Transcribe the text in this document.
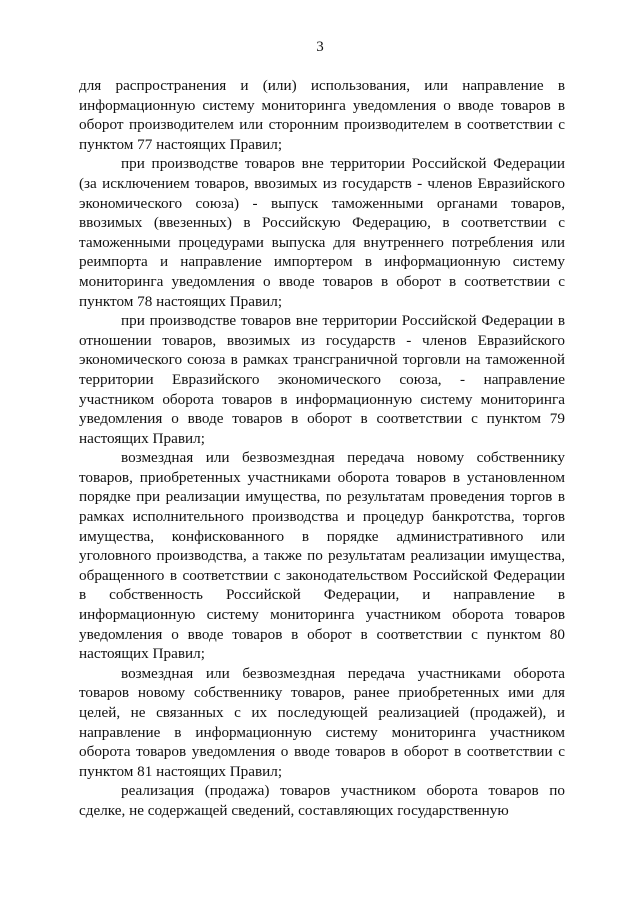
3

для распространения и (или) использования, или направление в информационную систему мониторинга уведомления о вводе товаров в оборот производителем или сторонним производителем в соответствии с пунктом 77 настоящих Правил;

при производстве товаров вне территории Российской Федерации (за исключением товаров, ввозимых из государств - членов Евразийского экономического союза) - выпуск таможенными органами товаров, ввозимых (ввезенных) в Российскую Федерацию, в соответствии с таможенными процедурами выпуска для внутреннего потребления или реимпорта и направление импортером в информационную систему мониторинга уведомления о вводе товаров в оборот в соответствии с пунктом 78 настоящих Правил;

при производстве товаров вне территории Российской Федерации в отношении товаров, ввозимых из государств - членов Евразийского экономического союза в рамках трансграничной торговли на таможенной территории Евразийского экономического союза, - направление участником оборота товаров в информационную систему мониторинга уведомления о вводе товаров в оборот в соответствии с пунктом 79 настоящих Правил;

возмездная или безвозмездная передача новому собственнику товаров, приобретенных участниками оборота товаров в установленном порядке при реализации имущества, по результатам проведения торгов в рамках исполнительного производства и процедур банкротства, торгов имущества, конфискованного в порядке административного или уголовного производства, а также по результатам реализации имущества, обращенного в соответствии с законодательством Российской Федерации в собственность Российской Федерации, и направление в информационную систему мониторинга участником оборота товаров уведомления о вводе товаров в оборот в соответствии с пунктом 80 настоящих Правил;

возмездная или безвозмездная передача участниками оборота товаров новому собственнику товаров, ранее приобретенных ими для целей, не связанных с их последующей реализацией (продажей), и направление в информационную систему мониторинга участником оборота товаров уведомления о вводе товаров в оборот в соответствии с пунктом 81 настоящих Правил;

реализация (продажа) товаров участником оборота товаров по сделке, не содержащей сведений, составляющих государственную
